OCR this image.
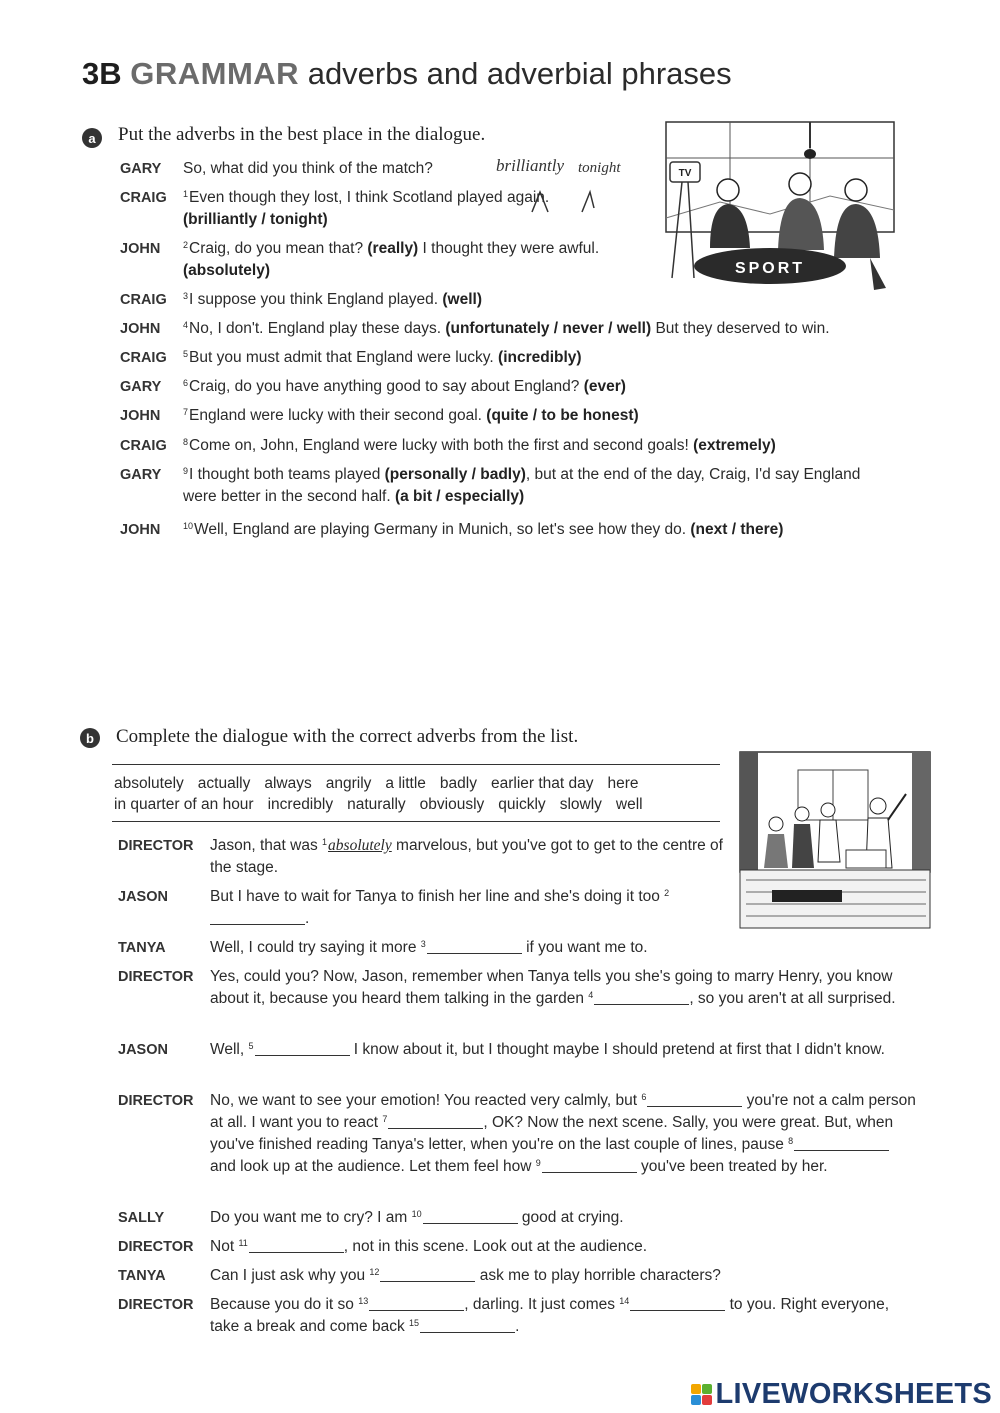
3B GRAMMAR adverbs and adverbial phrases
a	Put the adverbs in the best place in the dialogue.
brilliantly tonight
GARY	So, what did you think of the match?
CRAIG	$^1$Even though they lost, I think Scotland played again.
(brilliantly / tonight)
JOHN	$^2$Craig, do you mean that? (really) I thought they were awful.
(absolutely)
CRAIG	$^3$I suppose you think England played. (well)
JOHN	$^4$No, I don't. England play these days. (unfortunately / never / well) But they deserved to win.
CRAIG	$^5$But you must admit that England were lucky. (incredibly)
GARY	$^6$Craig, do you have anything good to say about England? (ever)
JOHN	$^7$England were lucky with their second goal. (quite / to be honest)
CRAIG	$^8$Come on, John, England were lucky with both the first and second goals! (extremely)
GARY	$^9$I thought both teams played (personally / badly), but at the end of the day, Craig, I'd say England were better in the second half. (a bit / especially)
JOHN	$^{10}$Well, England are playing Germany in Munich, so let's see how they do. (next / there)
TV
SPORT
b	Complete the dialogue with the correct adverbs from the list.
absolutely actually always angrily a little badly earlier that day here
in quarter of an hour incredibly naturally obviously quickly slowly well
DIRECTOR	Jason, that was $^1$absolutely marvelous, but you've got to get to the centre of the stage.
JASON	But I have to wait for Tanya to finish her line and she's doing it too $^2$.
TANYA	Well, I could try saying it more $^3$	if you want me to.
DIRECTOR	Yes, could you? Now, Jason, remember when Tanya tells you she's going to marry Henry, you know about it, because you heard them talking in the garden $^4$	, so you aren't at all surprised.
JASON	Well, $^5$	I know about it, but I thought maybe I should pretend at first that I didn't know.
DIRECTOR	No, we want to see your emotion! You reacted very calmly, but $^6$	you're not a calm person at all. I want you to react $^7$	, OK? Now the next scene. Sally, you were great. But, when you've finished reading Tanya's letter, when you're on the last couple of lines, pause $^8$ and look up at the audience. Let them feel how $^9$	you've been treated by her.
SALLY	Do you want me to cry? I am $^{10}$	good at crying.
DIRECTOR	Not $^{11}$	, not in this scene. Look out at the audience.
TANYA	Can I just ask why you $^{12}$	ask me to play horrible characters?
DIRECTOR	Because you do it so $^{13}$	, darling. It just comes $^{14}$	to you. Right everyone, take a break and come back $^{15}$	.
LIVEWORKSHEETS
